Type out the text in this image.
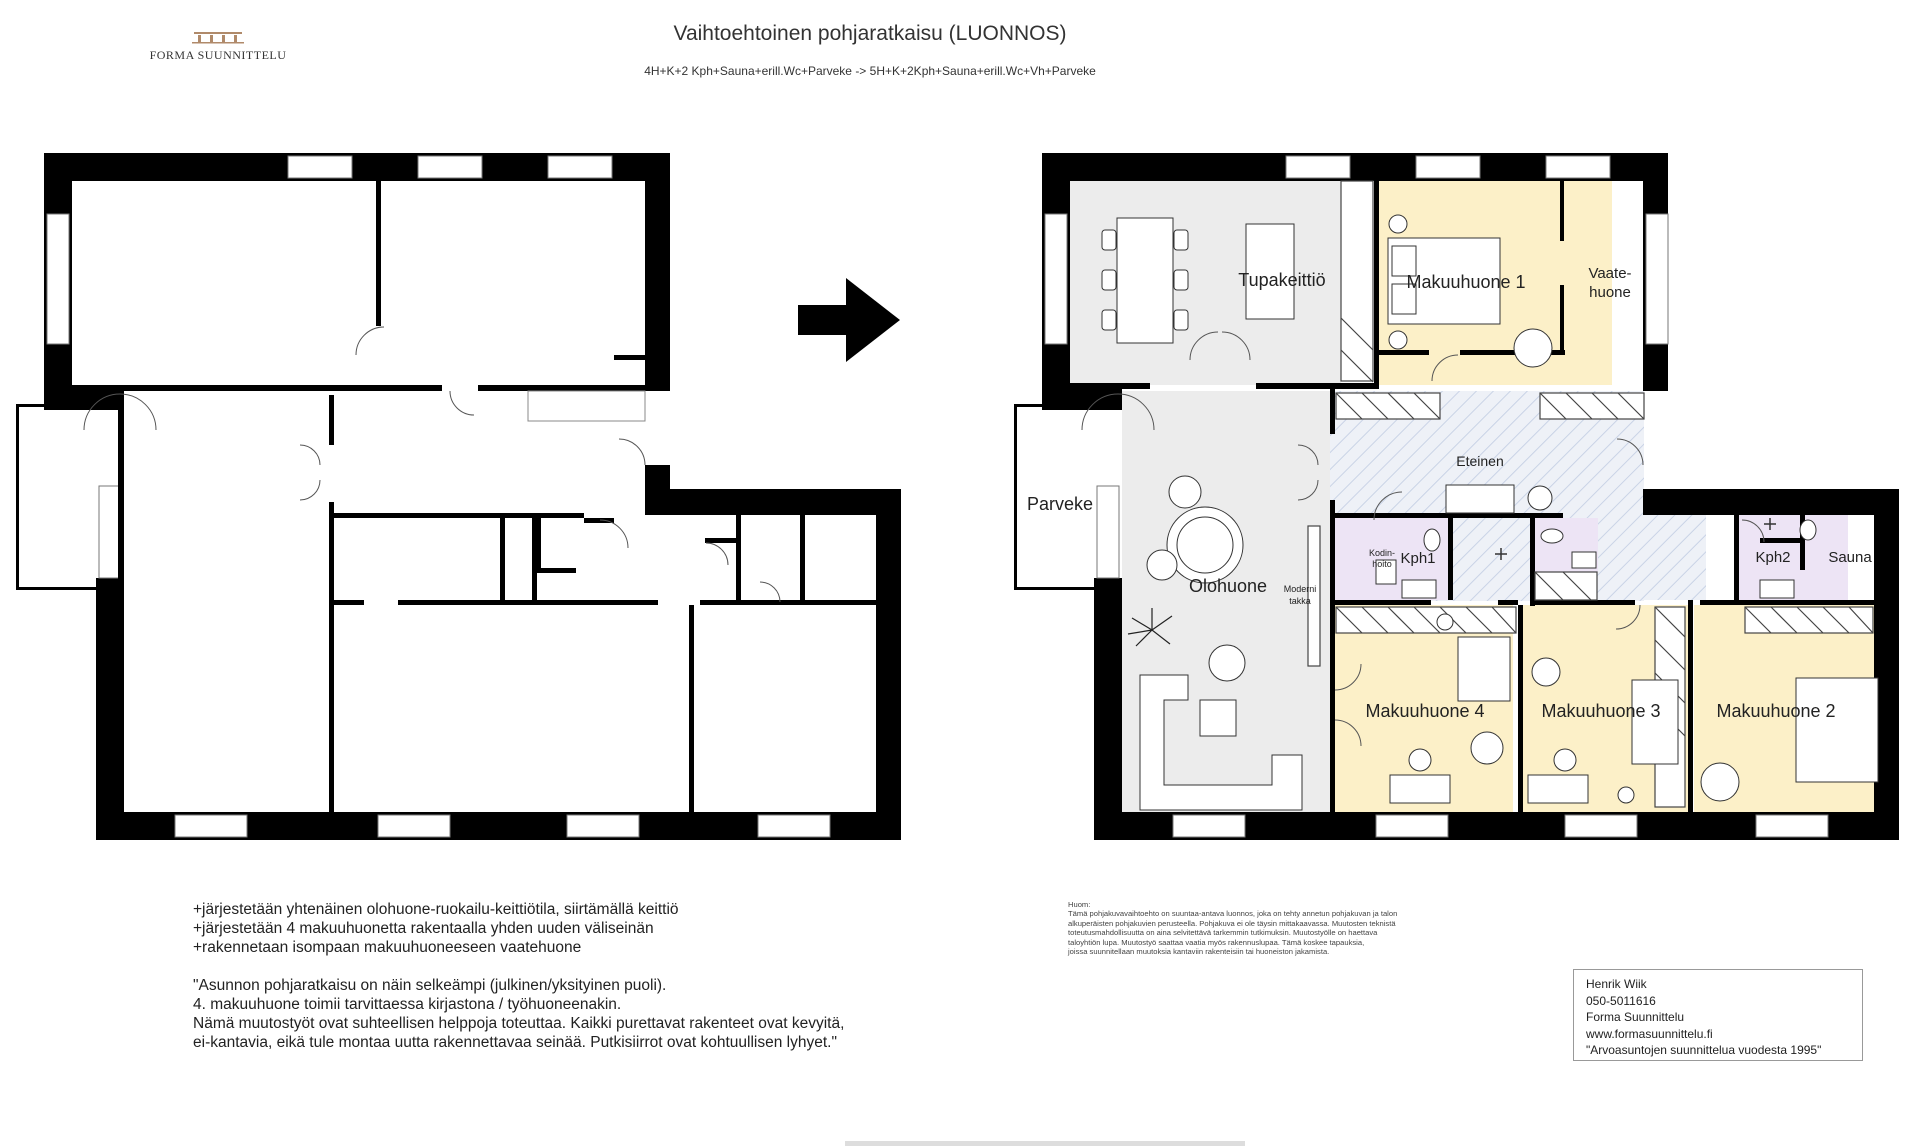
FORMA SUUNNITTELU
Vaihtoehtoinen pohjaratkaisu (LUONNOS)
4H+K+2 Kph+Sauna+erill.Wc+Parveke -> 5H+K+2Kph+Sauna+erill.Wc+Vh+Parveke
Tupakeittiö	Makuuhuone 1	Vaate-
huone
Parveke
Eteinen
Olohuone Moderni
takka
Kodin-
hoito Kph1	Kph2	Sauna
Makuuhuone 4	Makuuhuone 3	Makuuhuone 2
+järjestetään yhtenäinen olohuone-ruokailu-keittiötila, siirtämällä keittiö
+järjestetään 4 makuuhuonetta rakentaalla yhden uuden väliseinän
+rakennetaan isompaan makuuhuoneeseen vaatehuone
"Asunnon pohjaratkaisu on näin selkeämpi (julkinen/yksityinen puoli).
4. makuuhuone toimii tarvittaessa kirjastona / työhuoneenakin.
Nämä muutostyöt ovat suhteellisen helppoja toteuttaa. Kaikki purettavat rakenteet ovat kevyitä,
ei-kantavia, eikä tule montaa uutta rakennettavaa seinää. Putkisiirrot ovat kohtuullisen lyhyet."
Huom:
Tämä pohjakuvavaihtoehto on suuntaa-antava luonnos, joka on tehty annetun pohjakuvan ja talon
alkuperäisten pohjakuvien perusteella. Pohjakuva ei ole täysin mittakaavassa. Muutosten teknistä
toteutusmahdollisuutta on aina selvitettävä tarkemmin tutkimuksin. Muutostyölle on haettava
taloyhtiön lupa. Muutostyö saattaa vaatia myös rakennuslupaa. Tämä koskee tapauksia,
joissa suunnitellaan muutoksia kantaviin rakenteisiin tai huoneiston jakamista.
Henrik Wiik
050-5011616
Forma Suunnittelu
www.formasuunnittelu.fi
"Arvoasuntojen suunnittelua vuodesta 1995"
